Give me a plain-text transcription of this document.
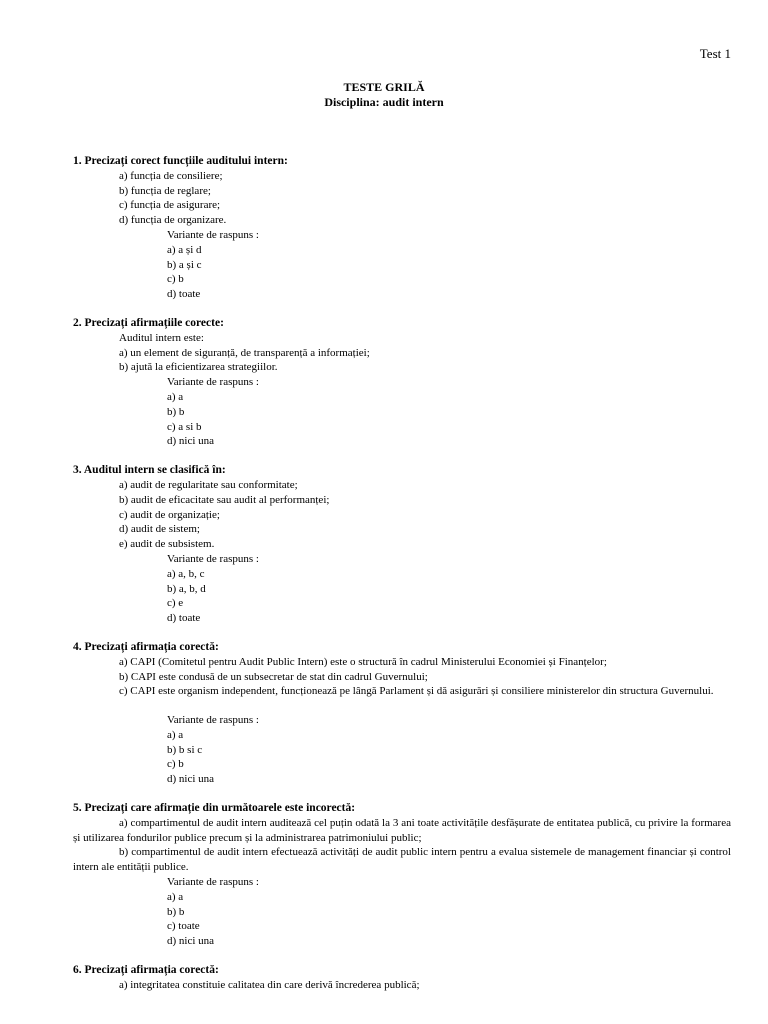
Test 1
TESTE GRILĂ
Disciplina: audit intern
1. Precizați corect funcțiile auditului intern:
a) funcția de consiliere;
b) funcția de reglare;
c) funcția de asigurare;
d) funcția de organizare.
Variante de raspuns :
a) a și d
b) a și c
c) b
d) toate
2. Precizați afirmațiile corecte:
Auditul intern este:
a) un element de siguranță, de transparență a informației;
b) ajută la eficientizarea strategiilor.
Variante de raspuns :
a) a
b) b
c) a si b
d) nici una
3. Auditul intern se clasifică în:
a) audit de regularitate sau conformitate;
b) audit de eficacitate sau audit al performanței;
c) audit de organizație;
d) audit de sistem;
e) audit de subsistem.
Variante de raspuns :
a) a, b, c
b) a, b, d
c) e
d) toate
4. Precizați afirmația corectă:
a) CAPI (Comitetul pentru Audit Public Intern) este o structură în cadrul Ministerului Economiei și Finanțelor;
b) CAPI este condusă de un subsecretar de stat din cadrul Guvernului;
c) CAPI este organism independent, funcționează pe lângă Parlament și dă asigurări și consiliere ministerelor din structura Guvernului.
Variante de raspuns :
a) a
b) b si c
c) b
d) nici una
5. Precizați care afirmație din următoarele este incorectă:
a) compartimentul de audit intern auditează cel puțin odată la 3 ani toate activitățile desfășurate de entitatea publică, cu privire la formarea și utilizarea fondurilor publice precum și la administrarea patrimoniului public;
b) compartimentul de audit intern efectuează activități de audit public intern pentru a evalua sistemele de management financiar și control intern ale entității publice.
Variante de raspuns :
a) a
b) b
c) toate
d) nici una
6. Precizați afirmația corectă:
a) integritatea constituie calitatea din care derivă încrederea publică;
